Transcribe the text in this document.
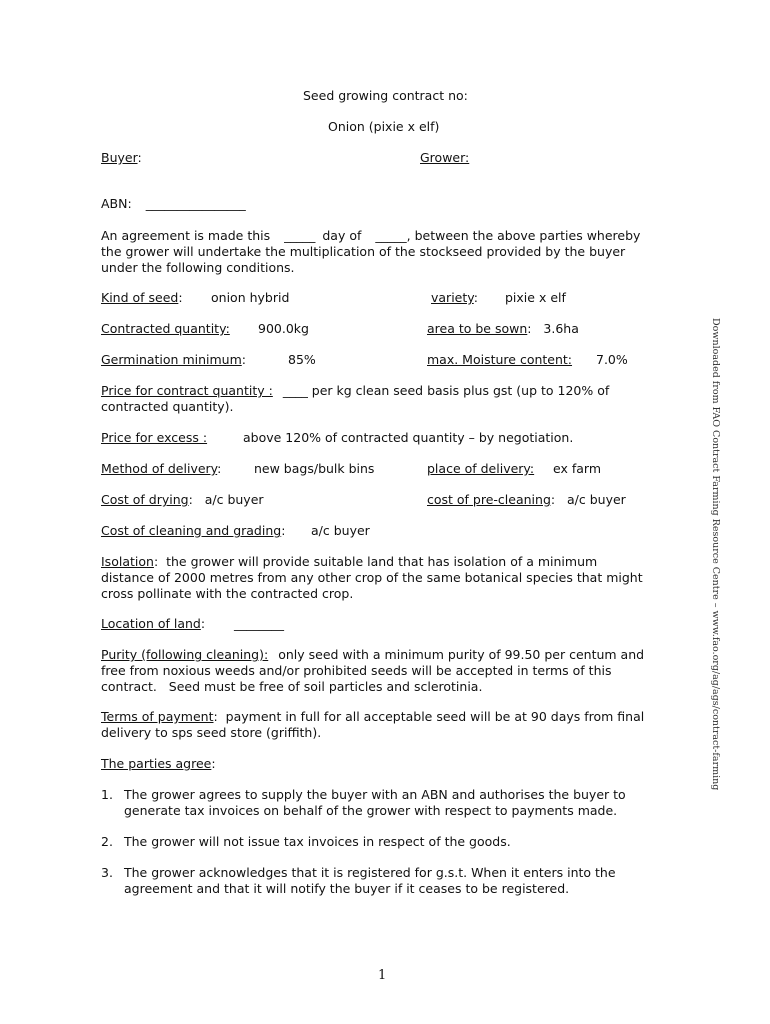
Seed growing contract no:
Onion (pixie x elf)
Buyer:	Grower:
ABN: ________________
An agreement is made this _____ day of _____, between the above parties whereby
the grower will undertake the multiplication of the stockseed provided by the buyer
under the following conditions.
Kind of seed: onion hybrid	variety: pixie x elf
Contracted quantity: 900.0kg	area to be sown:   3.6ha
Germination minimum:	85%	max. Moisture content: 7.0%
Price for contract quantity : ____ per kg clean seed basis plus gst (up to 120% of
contracted quantity).
Price for excess :	above 120% of contracted quantity – by negotiation.
Method of delivery:	new bags/bulk bins	place of delivery: ex farm
Cost of drying:   a/c buyer	cost of pre-cleaning:   a/c buyer
Cost of cleaning and grading: a/c buyer
Isolation:  the grower will provide suitable land that has isolation of a minimum
distance of 2000 metres from any other crop of the same botanical species that might
cross pollinate with the contracted crop.
Location of land: ________
Purity (following cleaning): only seed with a minimum purity of 99.50 per centum and
free from noxious weeds and/or prohibited seeds will be accepted in terms of this
contract.   Seed must be free of soil particles and sclerotinia.
Terms of payment:  payment in full for all acceptable seed will be at 90 days from final
delivery to sps seed store (griffith).
The parties agree:
1. The grower agrees to supply the buyer with an ABN and authorises the buyer to
generate tax invoices on behalf of the grower with respect to payments made.
2. The grower will not issue tax invoices in respect of the goods.
3. The grower acknowledges that it is registered for g.s.t. When it enters into the
agreement and that it will notify the buyer if it ceases to be registered.
Downloaded from FAO Contract Farming Resource Centre – www.fao.org/ag/ags/contract-farming
1
